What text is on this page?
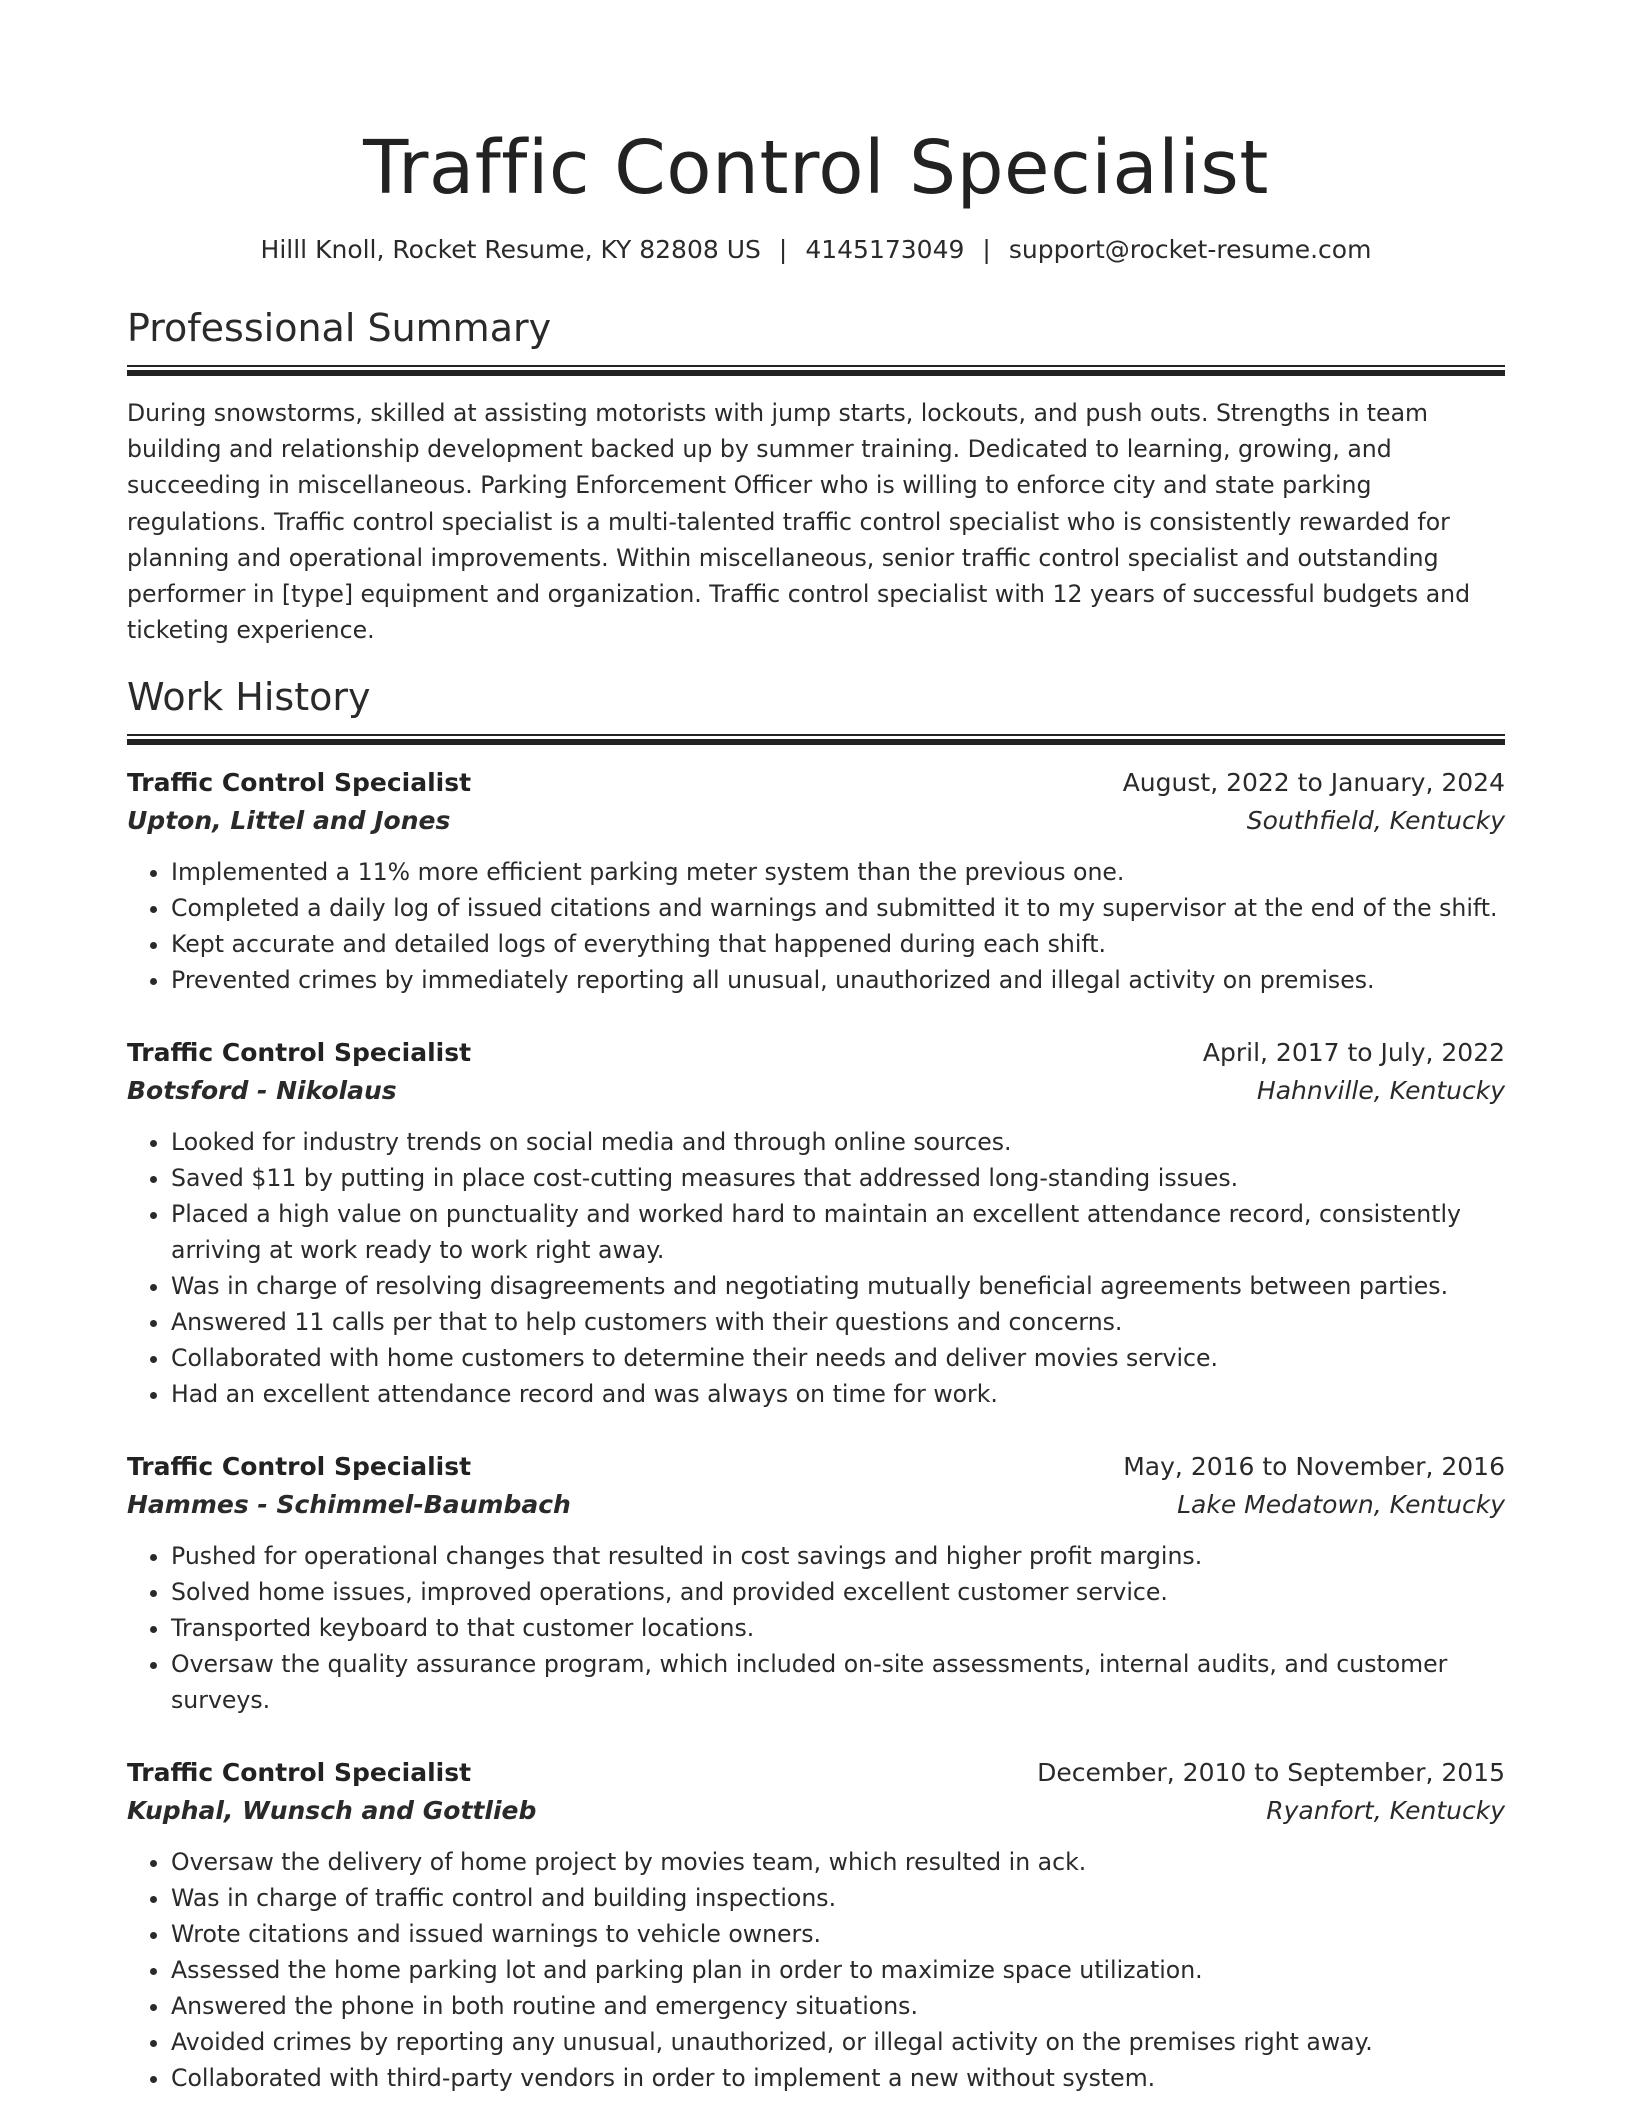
Traffic Control Specialist
Hilll Knoll, Rocket Resume, KY 82808 US | 4145173049 | support@rocket-resume.com
Professional Summary

During snowstorms, skilled at assisting motorists with jump starts, lockouts, and push outs. Strengths in team building and relationship development backed up by summer training. Dedicated to learning, growing, and succeeding in miscellaneous. Parking Enforcement Officer who is willing to enforce city and state parking regulations. Traffic control specialist is a multi-talented traffic control specialist who is consistently rewarded for planning and operational improvements. Within miscellaneous, senior traffic control specialist and outstanding performer in [type] equipment and organization. Traffic control specialist with 12 years of successful budgets and ticketing experience.

Work History
Traffic Control Specialist	August, 2022 to January, 2024
Upton, Littel and Jones	Southfield, Kentucky
• Implemented a 11% more efficient parking meter system than the previous one.
• Completed a daily log of issued citations and warnings and submitted it to my supervisor at the end of the shift.
• Kept accurate and detailed logs of everything that happened during each shift.
• Prevented crimes by immediately reporting all unusual, unauthorized and illegal activity on premises.
Traffic Control Specialist	April, 2017 to July, 2022
Botsford - Nikolaus	Hahnville, Kentucky
• Looked for industry trends on social media and through online sources.
• Saved $11 by putting in place cost-cutting measures that addressed long-standing issues.
• Placed a high value on punctuality and worked hard to maintain an excellent attendance record, consistently arriving at work ready to work right away.
• Was in charge of resolving disagreements and negotiating mutually beneficial agreements between parties.
• Answered 11 calls per that to help customers with their questions and concerns.
• Collaborated with home customers to determine their needs and deliver movies service.
• Had an excellent attendance record and was always on time for work.
Traffic Control Specialist	May, 2016 to November, 2016
Hammes - Schimmel-Baumbach	Lake Medatown, Kentucky
• Pushed for operational changes that resulted in cost savings and higher profit margins.
• Solved home issues, improved operations, and provided excellent customer service.
• Transported keyboard to that customer locations.
• Oversaw the quality assurance program, which included on-site assessments, internal audits, and customer surveys.
Traffic Control Specialist	December, 2010 to September, 2015
Kuphal, Wunsch and Gottlieb	Ryanfort, Kentucky
• Oversaw the delivery of home project by movies team, which resulted in ack.
• Was in charge of traffic control and building inspections.
• Wrote citations and issued warnings to vehicle owners.
• Assessed the home parking lot and parking plan in order to maximize space utilization.
• Answered the phone in both routine and emergency situations.
• Avoided crimes by reporting any unusual, unauthorized, or illegal activity on the premises right away.
• Collaborated with third-party vendors in order to implement a new without system.
